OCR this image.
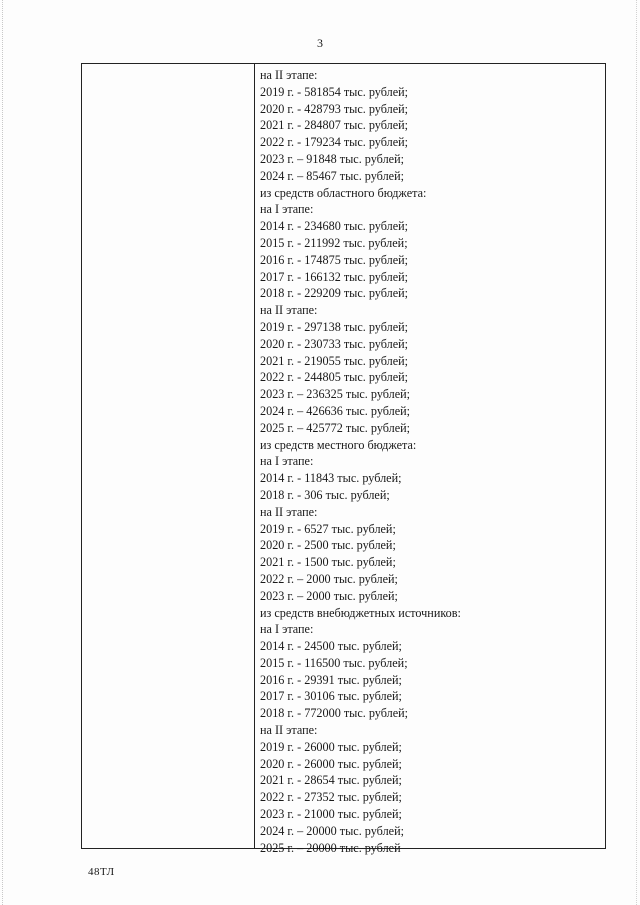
3
на II этапе:
2019 г. - 581854 тыс. рублей;
2020 г. - 428793 тыс. рублей;
2021 г. - 284807 тыс. рублей;
2022 г. - 179234 тыс. рублей;
2023 г. – 91848 тыс. рублей;
2024 г. – 85467 тыс. рублей;
из средств областного бюджета:
на I этапе:
2014 г. - 234680 тыс. рублей;
2015 г. - 211992 тыс. рублей;
2016 г. - 174875 тыс. рублей;
2017 г. - 166132 тыс. рублей;
2018 г. - 229209 тыс. рублей;
на II этапе:
2019 г. - 297138 тыс. рублей;
2020 г. - 230733 тыс. рублей;
2021 г. - 219055 тыс. рублей;
2022 г. - 244805 тыс. рублей;
2023 г. – 236325 тыс. рублей;
2024 г. – 426636 тыс. рублей;
2025 г. – 425772 тыс. рублей;
из средств местного бюджета:
на I этапе:
2014 г. - 11843 тыс. рублей;
2018 г. - 306 тыс. рублей;
на II этапе:
2019 г. - 6527 тыс. рублей;
2020 г. - 2500 тыс. рублей;
2021 г. - 1500 тыс. рублей;
2022 г. – 2000 тыс. рублей;
2023 г. – 2000 тыс. рублей;
из средств внебюджетных источников:
на I этапе:
2014 г. - 24500 тыс. рублей;
2015 г. - 116500 тыс. рублей;
2016 г. - 29391 тыс. рублей;
2017 г. - 30106 тыс. рублей;
2018 г. - 772000 тыс. рублей;
на II этапе:
2019 г. - 26000 тыс. рублей;
2020 г. - 26000 тыс. рублей;
2021 г. - 28654 тыс. рублей;
2022 г. - 27352 тыс. рублей;
2023 г. - 21000 тыс. рублей;
2024 г. – 20000 тыс. рублей;
2025 г. – 20000 тыс. рублей
48ТЛ
